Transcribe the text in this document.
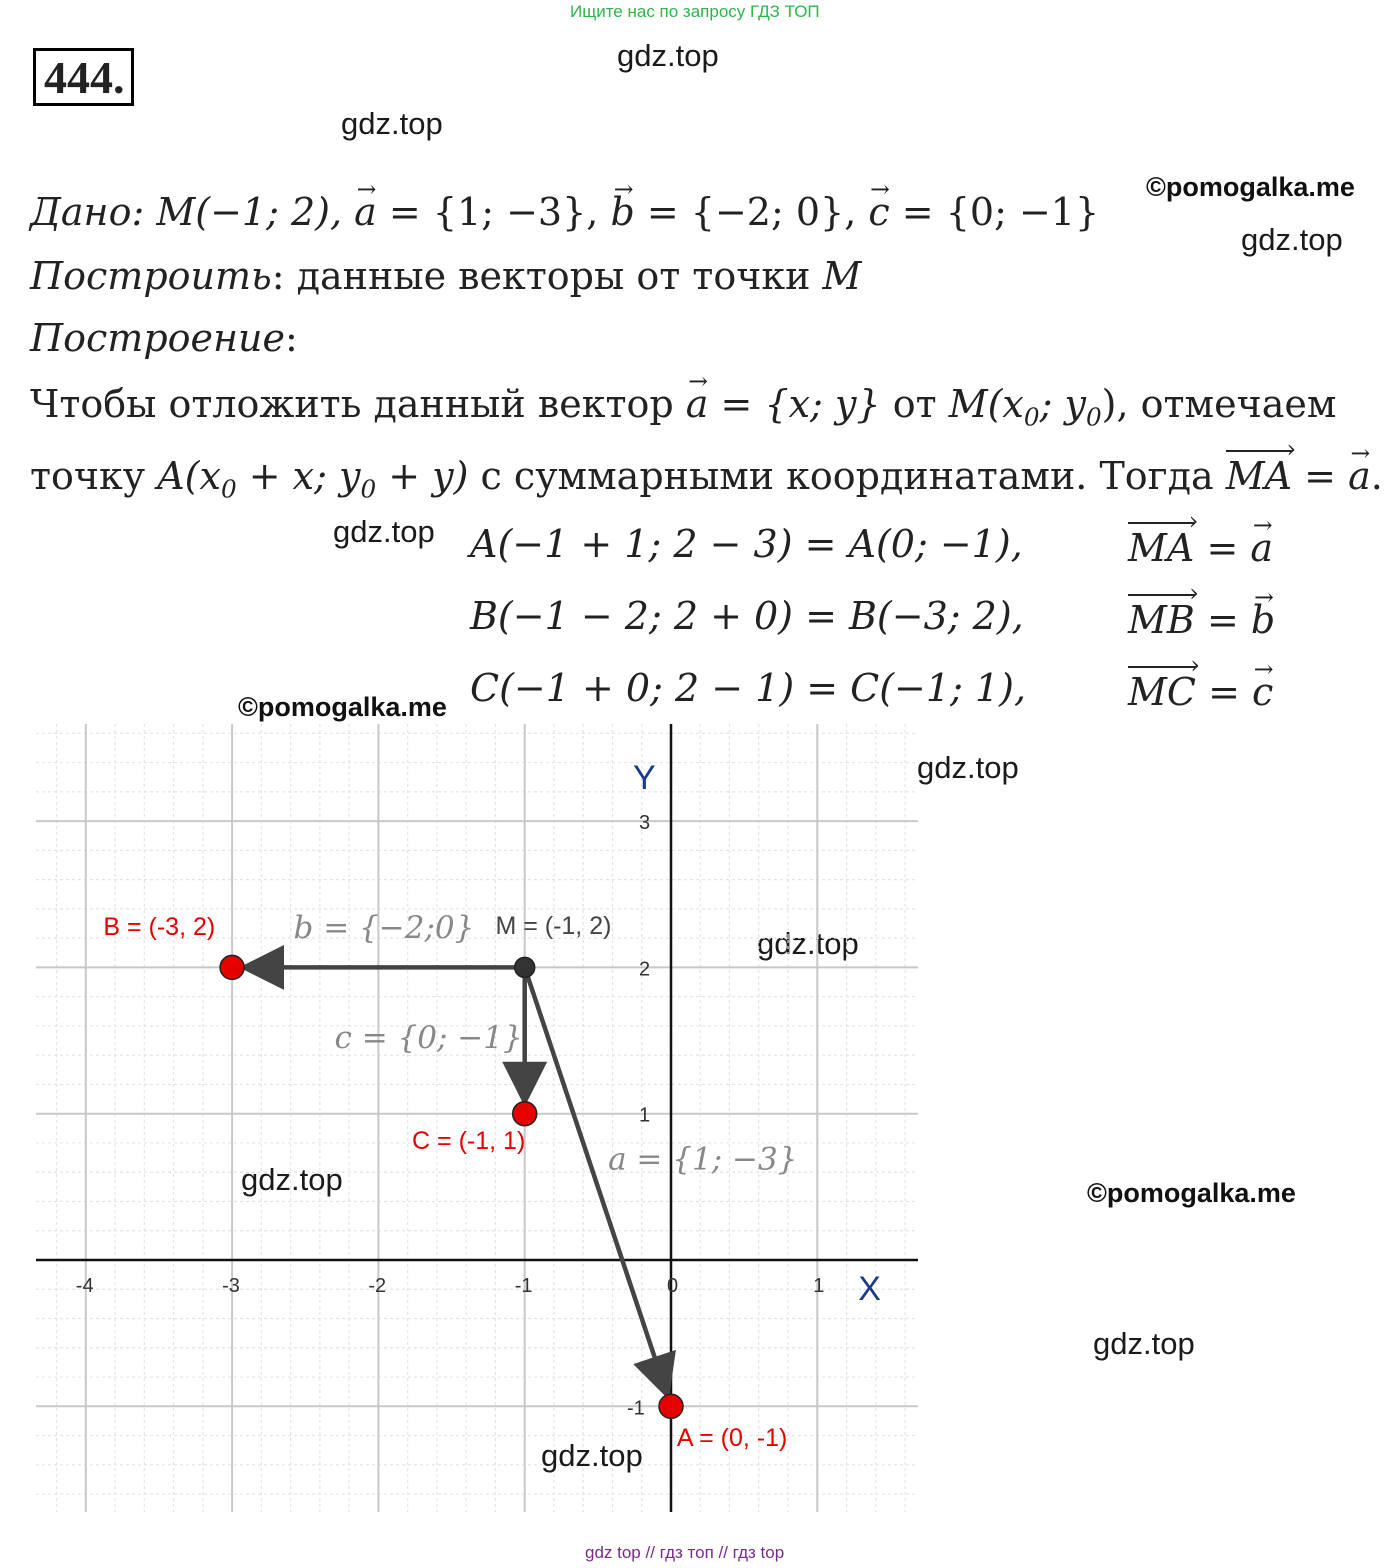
Ищите нас по запросу ГДЗ ТОП
444.	gdz.top
gdz.top
©pomogalka.me
gdz.top
gdz.top
©pomogalka.me
gdz.top
gdz.top
©pomogalka.me
gdz.top
Дано: M(−1; 2), a → = {1; −3}, b → = {−2; 0}, c → = {0; −1}
Построить: данные векторы от точки M
Построение:
Чтобы отложить данный вектор a → = {x; y} от $M(x_0$; $y_0$), отмечаем
точку $A(x_0 + x$; $y_0 + y$) с суммарными координатами. Тогда MA › = a →.
A(−1 + 1; 2 − 3) = A(0; −1),	MA › = a →
B(−1 − 2; 2 + 0) = B(−3; 2),	MB › = b →
C(−1 + 0; 2 − 1) = C(−1; 1),	MC › = c →
-4	-3	-2	-1	0	1
-1
1
2
3
X
Y
b = {−2;0}
c = {0; −1}
a = {1; −3}
M = (-1, 2)
B = (-3, 2)
C = (-1, 1)
A = (0, -1)
gdz.top
gdz.top
gdz top // гдз топ // гдз top
